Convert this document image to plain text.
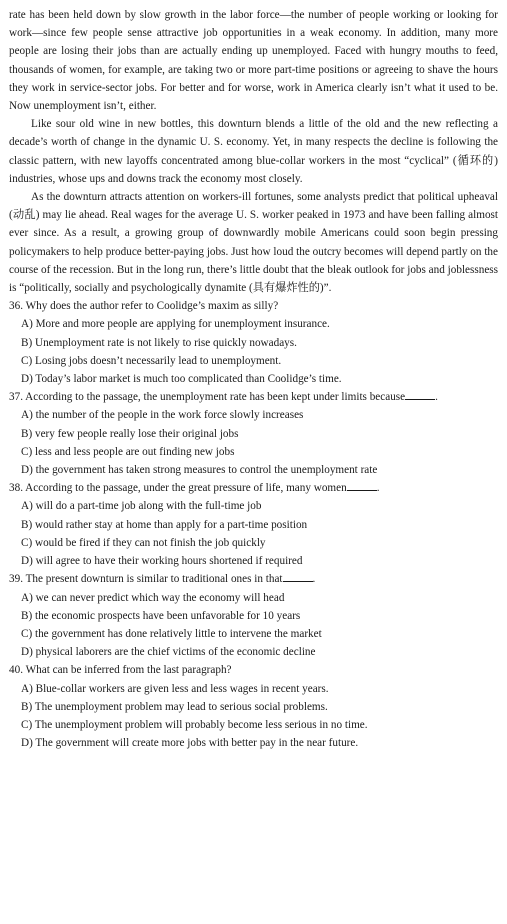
​

rate has been held down by slow growth in the labor force—the number of people working or looking for work—since few people sense attractive job opportunities in a weak economy. In addition, many more people are losing their jobs than are actually ending up unemployed. Faced with hungry mouths to feed, thousands of women, for example, are taking two or more part-time positions or agreeing to shave the hours they work in service-sector jobs. For better and for worse, work in America clearly isn’t what it used to be. Now unemployment isn’t, either.

Like sour old wine in new bottles, this downturn blends a little of the old and the new reflecting a decade’s worth of change in the dynamic U. S. economy. Yet, in many respects the decline is following the classic pattern, with new layoffs concentrated among blue-collar workers in the most “cyclical” (循环的) industries, whose ups and downs track the economy most closely.

As the downturn attracts attention on workers-ill fortunes, some analysts predict that political upheaval (动乱) may lie ahead. Real wages for the average U. S. worker peaked in 1973 and have been falling almost ever since. As a result, a growing group of downwardly mobile Americans could soon begin pressing policymakers to help produce better-paying jobs. Just how loud the outcry becomes will depend partly on the course of the recession. But in the long run, there’s little doubt that the bleak outlook for jobs and joblessness is “politically, socially and psychologically dynamite (具有爆炸性的)”.

36. Why does the author refer to Coolidge’s maxim as silly?

A) More and more people are applying for unemployment insurance.

B) Unemployment rate is not likely to rise quickly nowadays.

C) Losing jobs doesn’t necessarily lead to unemployment.

D) Today’s labor market is much too complicated than Coolidge’s time.

37. According to the passage, the unemployment rate has been kept under limits because	.

A) the number of the people in the work force slowly increases

B) very few people really lose their original jobs

C) less and less people are out finding new jobs

D) the government has taken strong measures to control the unemployment rate

38. According to the passage, under the great pressure of life, many women	.

A) will do a part-time job along with the full-time job

B) would rather stay at home than apply for a part-time position

C) would be fired if they can not finish the job quickly

D) will agree to have their working hours shortened if required

39. The present downturn is similar to traditional ones in that	.

A) we can never predict which way the economy will head

B) the economic prospects have been unfavorable for 10 years

C) the government has done relatively little to intervene the market

D) physical laborers are the chief victims of the economic decline

40. What can be inferred from the last paragraph?

A) Blue-collar workers are given less and less wages in recent years.

B) The unemployment problem may lead to serious social problems.

C) The unemployment problem will probably become less serious in no time.

D) The government will create more jobs with better pay in the near future.
